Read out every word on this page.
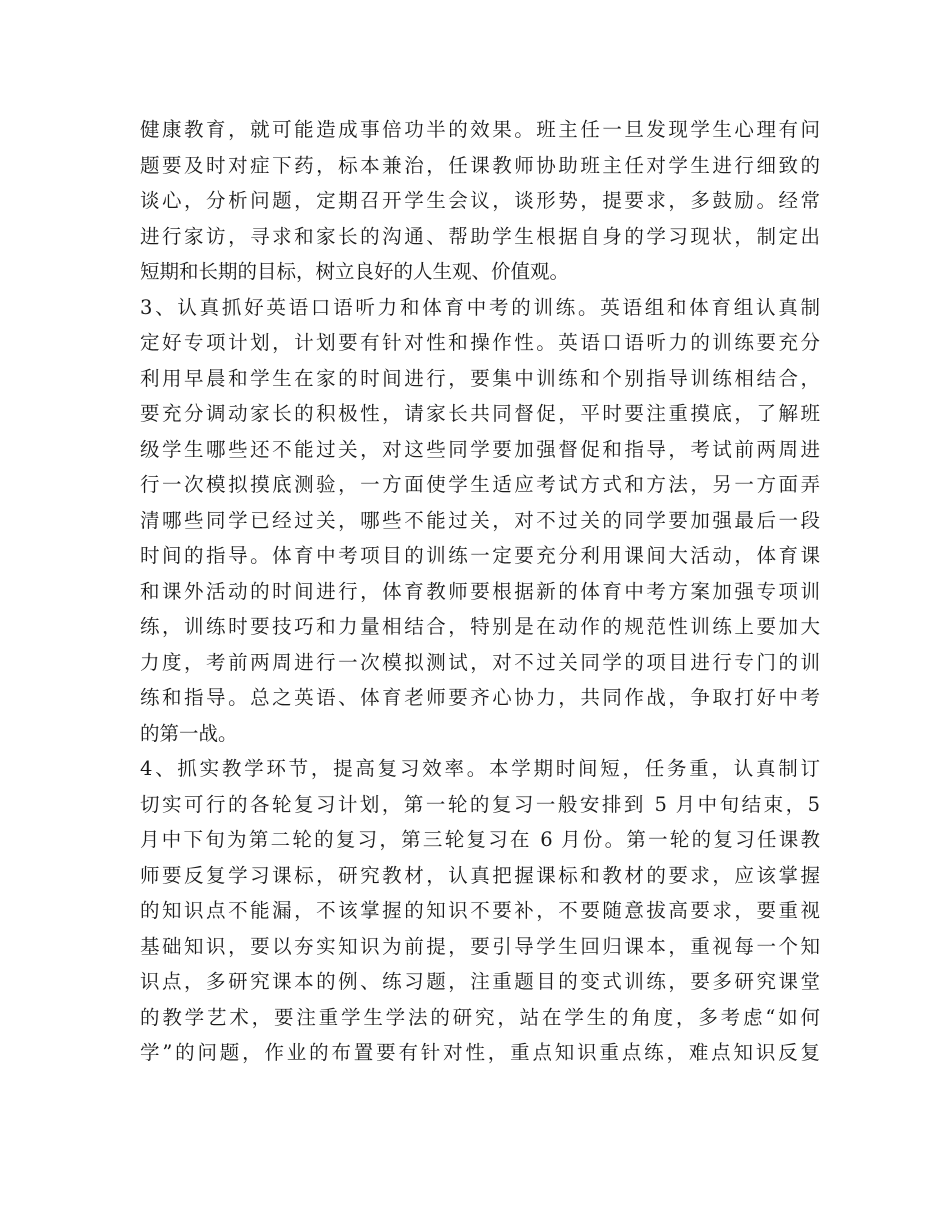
健康教育，就可能造成事倍功半的效果。班主任一旦发现学生心理有问
题要及时对症下药，标本兼治，任课教师协助班主任对学生进行细致的
谈心，分析问题，定期召开学生会议，谈形势，提要求，多鼓励。经常
进行家访，寻求和家长的沟通、帮助学生根据自身的学习现状，制定出
短期和长期的目标，树立良好的人生观、价值观。
3、认真抓好英语口语听力和体育中考的训练。英语组和体育组认真制
定好专项计划，计划要有针对性和操作性。英语口语听力的训练要充分
利用早晨和学生在家的时间进行，要集中训练和个别指导训练相结合，
要充分调动家长的积极性，请家长共同督促，平时要注重摸底，了解班
级学生哪些还不能过关，对这些同学要加强督促和指导，考试前两周进
行一次模拟摸底测验，一方面使学生适应考试方式和方法，另一方面弄
清哪些同学已经过关，哪些不能过关，对不过关的同学要加强最后一段
时间的指导。体育中考项目的训练一定要充分利用课间大活动，体育课
和课外活动的时间进行，体育教师要根据新的体育中考方案加强专项训
练，训练时要技巧和力量相结合，特别是在动作的规范性训练上要加大
力度，考前两周进行一次模拟测试，对不过关同学的项目进行专门的训
练和指导。总之英语、体育老师要齐心协力，共同作战，争取打好中考
的第一战。
4、抓实教学环节，提高复习效率。本学期时间短，任务重，认真制订
切实可行的各轮复习计划，第一轮的复习一般安排到 5 月中旬结束，5
月中下旬为第二轮的复习，第三轮复习在 6 月份。第一轮的复习任课教
师要反复学习课标，研究教材，认真把握课标和教材的要求，应该掌握
的知识点不能漏，不该掌握的知识不要补，不要随意拔高要求，要重视
基础知识，要以夯实知识为前提，要引导学生回归课本，重视每一个知
识点，多研究课本的例、练习题，注重题目的变式训练，要多研究课堂
的教学艺术，要注重学生学法的研究，站在学生的角度，多考虑“如何
学”的问题，作业的布置要有针对性，重点知识重点练，难点知识反复
